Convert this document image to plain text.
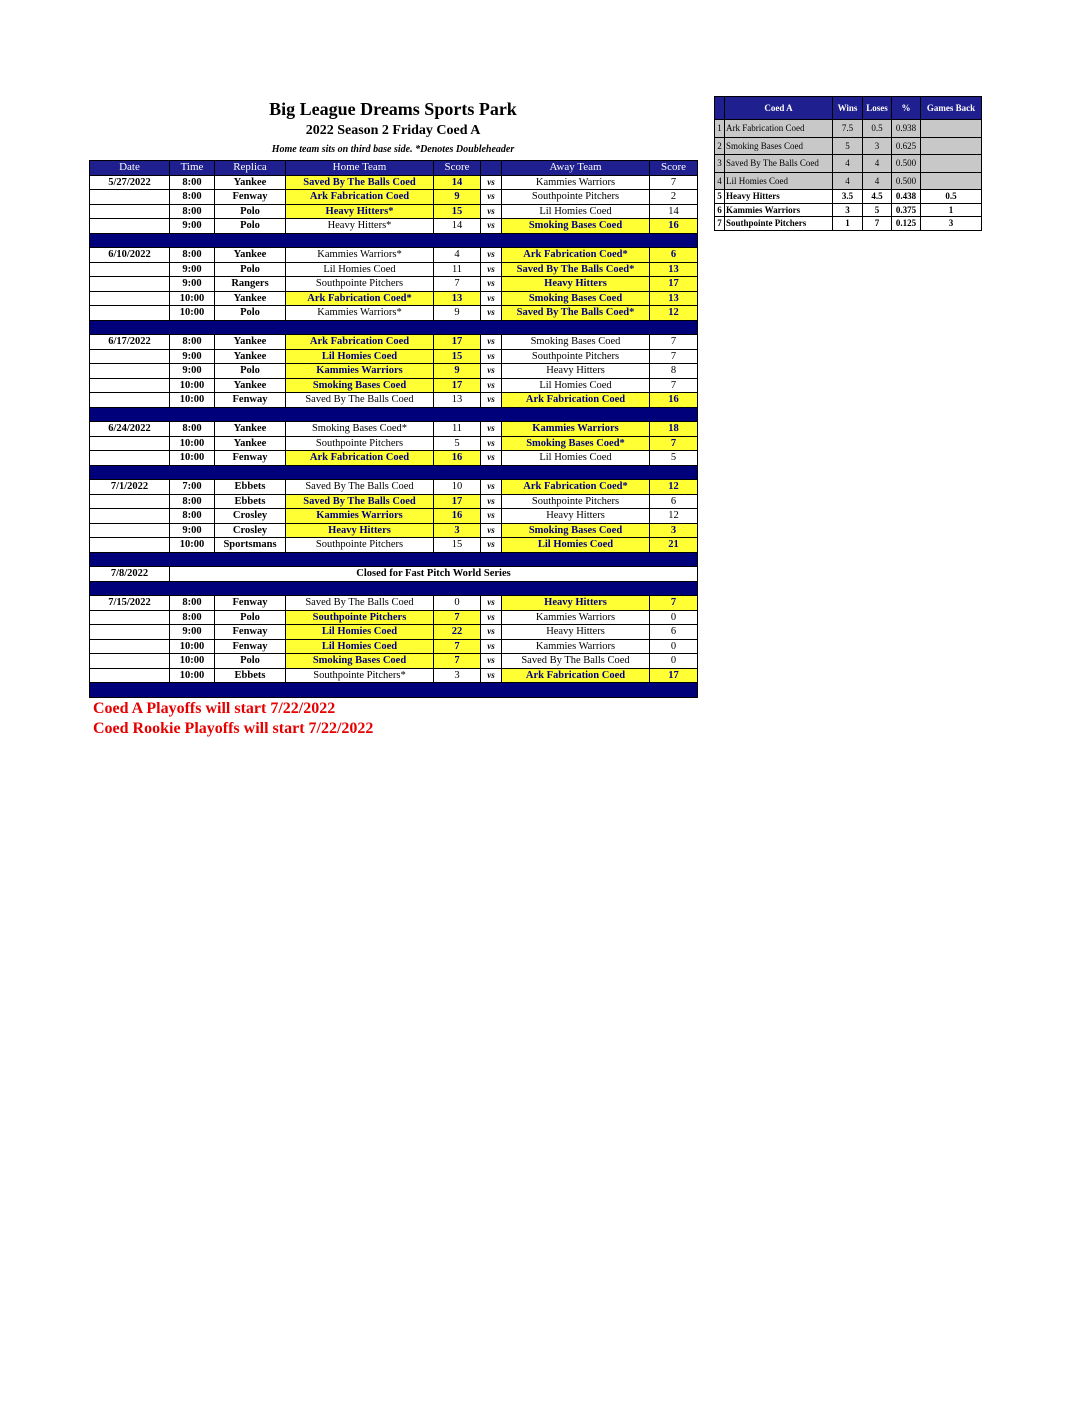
Big League Dreams Sports Park
2022 Season 2 Friday Coed A
Home team sits on third base side. *Denotes Doubleheader
Date	Time	Replica	Home Team	Score		Away Team	Score
5/27/2022	8:00	Yankee	Saved By The Balls Coed	14	vs	Kammies Warriors	7
	8:00	Fenway	Ark Fabrication Coed	9	vs	Southpointe Pitchers	2
	8:00	Polo	Heavy Hitters*	15	vs	Lil Homies Coed	14
	9:00	Polo	Heavy Hitters*	14	vs	Smoking Bases Coed	16

6/10/2022	8:00	Yankee	Kammies Warriors*	4	vs	Ark Fabrication Coed*	6
	9:00	Polo	Lil Homies Coed	11	vs	Saved By The Balls Coed*	13
	9:00	Rangers	Southpointe Pitchers	7	vs	Heavy Hitters	17
	10:00	Yankee	Ark Fabrication Coed*	13	vs	Smoking Bases Coed	13
	10:00	Polo	Kammies Warriors*	9	vs	Saved By The Balls Coed*	12

6/17/2022	8:00	Yankee	Ark Fabrication Coed	17	vs	Smoking Bases Coed	7
	9:00	Yankee	Lil Homies Coed	15	vs	Southpointe Pitchers	7
	9:00	Polo	Kammies Warriors	9	vs	Heavy Hitters	8
	10:00	Yankee	Smoking Bases Coed	17	vs	Lil Homies Coed	7
	10:00	Fenway	Saved By The Balls Coed	13	vs	Ark Fabrication Coed	16

6/24/2022	8:00	Yankee	Smoking Bases Coed*	11	vs	Kammies Warriors	18
	10:00	Yankee	Southpointe Pitchers	5	vs	Smoking Bases Coed*	7
	10:00	Fenway	Ark Fabrication Coed	16	vs	Lil Homies Coed	5

7/1/2022	7:00	Ebbets	Saved By The Balls Coed	10	vs	Ark Fabrication Coed*	12
	8:00	Ebbets	Saved By The Balls Coed	17	vs	Southpointe Pitchers	6
	8:00	Crosley	Kammies Warriors	16	vs	Heavy Hitters	12
	9:00	Crosley	Heavy Hitters	3	vs	Smoking Bases Coed	3
	10:00	Sportsmans	Southpointe Pitchers	15	vs	Lil Homies Coed	21

7/8/2022	Closed for Fast Pitch World Series						

7/15/2022	8:00	Fenway	Saved By The Balls Coed	0	vs	Heavy Hitters	7
	8:00	Polo	Southpointe Pitchers	7	vs	Kammies Warriors	0
	9:00	Fenway	Lil Homies Coed	22	vs	Heavy Hitters	6
	10:00	Fenway	Lil Homies Coed	7	vs	Kammies Warriors	0
	10:00	Polo	Smoking Bases Coed	7	vs	Saved By The Balls Coed	0
	10:00	Ebbets	Southpointe Pitchers*	3	vs	Ark Fabrication Coed	17

	Coed A	Wins	Loses	%	Games Back
1	Ark Fabrication Coed	7.5	0.5	0.938	
2	Smoking Bases Coed	5	3	0.625	
3	Saved By The Balls Coed	4	4	0.500	
4	Lil Homies Coed	4	4	0.500	
5	Heavy Hitters	3.5	4.5	0.438	0.5
6	Kammies Warriors	3	5	0.375	1
7	Southpointe Pitchers	1	7	0.125	3
Coed A Playoffs will start 7/22/2022
Coed Rookie Playoffs will start 7/22/2022
